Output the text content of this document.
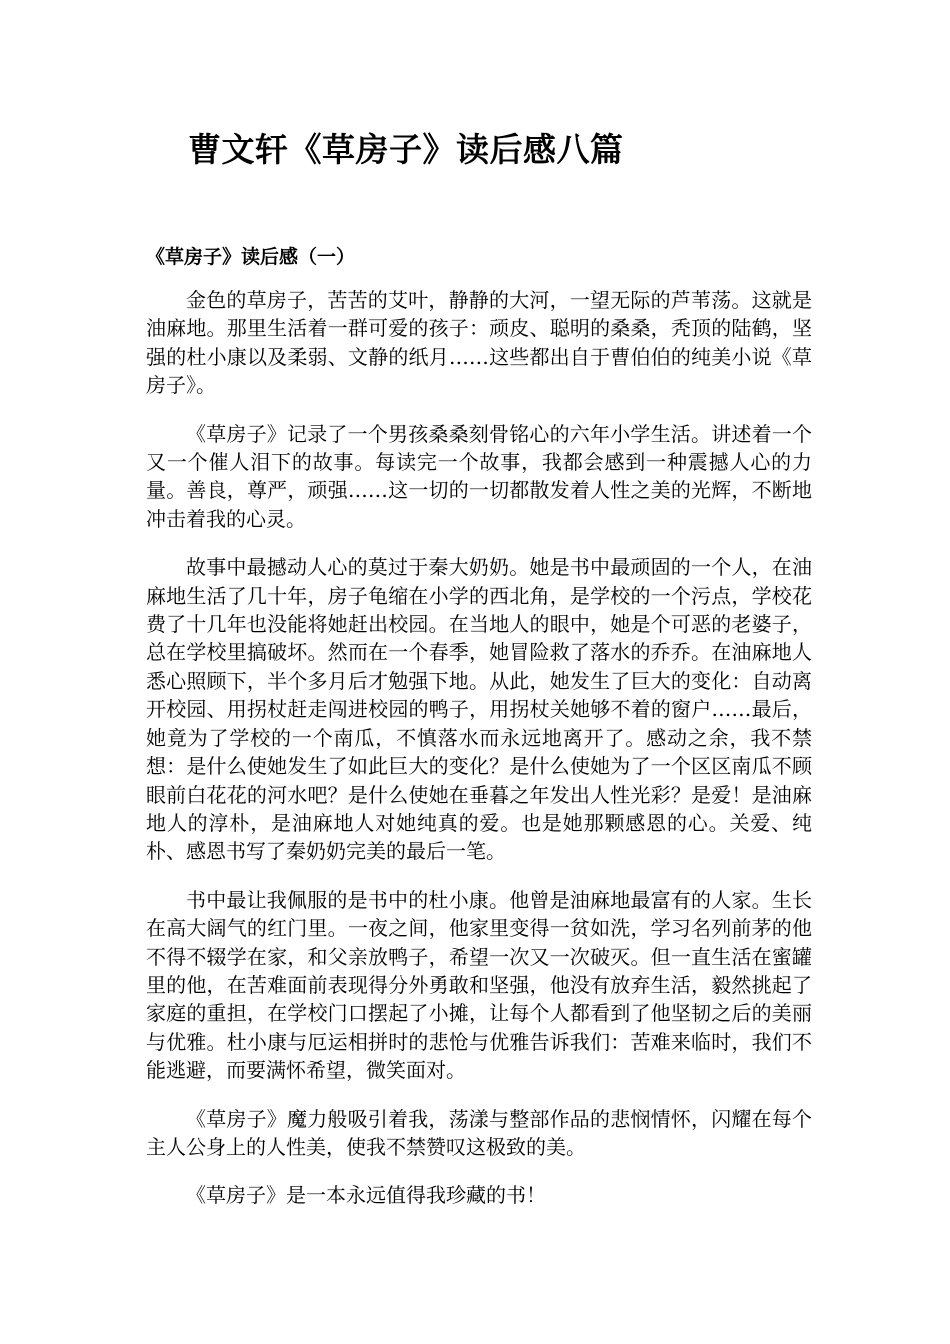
曹文轩《草房子》读后感八篇
《草房子》读后感（一）

金色的草房子，苦苦的艾叶，静静的大河，一望无际的芦苇荡。这就是油麻地。那里生活着一群可爱的孩子：顽皮、聪明的桑桑，秃顶的陆鹤，坚强的杜小康以及柔弱、文静的纸月……这些都出自于曹伯伯的纯美小说《草房子》。

《草房子》记录了一个男孩桑桑刻骨铭心的六年小学生活。讲述着一个又一个催人泪下的故事。每读完一个故事，我都会感到一种震撼人心的力量。善良，尊严，顽强……这一切的一切都散发着人性之美的光辉，不断地冲击着我的心灵。

故事中最撼动人心的莫过于秦大奶奶。她是书中最顽固的一个人，在油麻地生活了几十年，房子龟缩在小学的西北角，是学校的一个污点，学校花费了十几年也没能将她赶出校园。在当地人的眼中，她是个可恶的老婆子，总在学校里搞破坏。然而在一个春季，她冒险救了落水的乔乔。在油麻地人悉心照顾下，半个多月后才勉强下地。从此，她发生了巨大的变化：自动离开校园、用拐杖赶走闯进校园的鸭子，用拐杖关她够不着的窗户……最后，她竟为了学校的一个南瓜，不慎落水而永远地离开了。感动之余，我不禁想：是什么使她发生了如此巨大的变化？是什么使她为了一个区区南瓜不顾眼前白花花的河水吧？是什么使她在垂暮之年发出人性光彩？是爱！是油麻地人的淳朴，是油麻地人对她纯真的爱。也是她那颗感恩的心。关爱、纯朴、感恩书写了秦奶奶完美的最后一笔。

书中最让我佩服的是书中的杜小康。他曾是油麻地最富有的人家。生长在高大阔气的红门里。一夜之间，他家里变得一贫如洗，学习名列前茅的他不得不辍学在家，和父亲放鸭子，希望一次又一次破灭。但一直生活在蜜罐里的他，在苦难面前表现得分外勇敢和坚强，他没有放弃生活，毅然挑起了家庭的重担，在学校门口摆起了小摊，让每个人都看到了他坚韧之后的美丽与优雅。杜小康与厄运相拼时的悲怆与优雅告诉我们：苦难来临时，我们不能逃避，而要满怀希望，微笑面对。

《草房子》魔力般吸引着我，荡漾与整部作品的悲悯情怀，闪耀在每个主人公身上的人性美，使我不禁赞叹这极致的美。

《草房子》是一本永远值得我珍藏的书！
